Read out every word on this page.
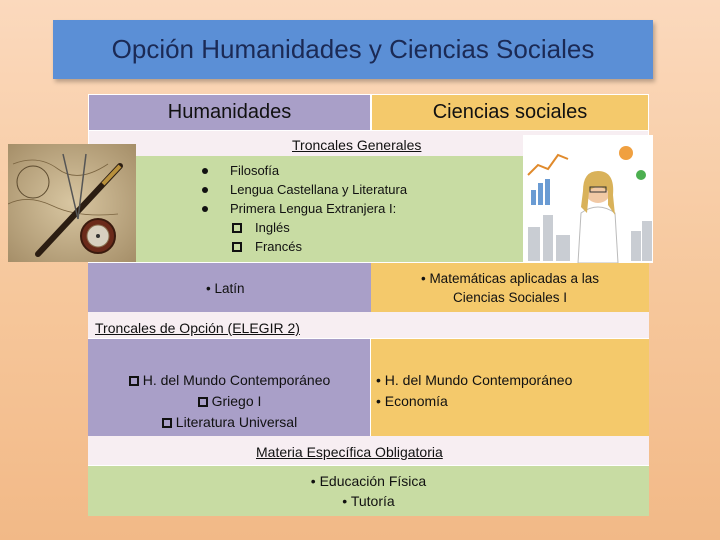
Opción Humanidades y Ciencias Sociales
Humanidades	Ciencias sociales
Troncales Generales
Filosofía
Lengua Castellana y Literatura
Primera Lengua Extranjera I:
Inglés
Francés
• Latín
• Matemáticas aplicadas a las
Ciencias Sociales I
Troncales de Opción (ELEGIR 2)
H. del Mundo Contemporáneo
Griego I
Literatura Universal
• H. del Mundo Contemporáneo
• Economía
Materia Específica Obligatoria
• Educación Física
• Tutoría
